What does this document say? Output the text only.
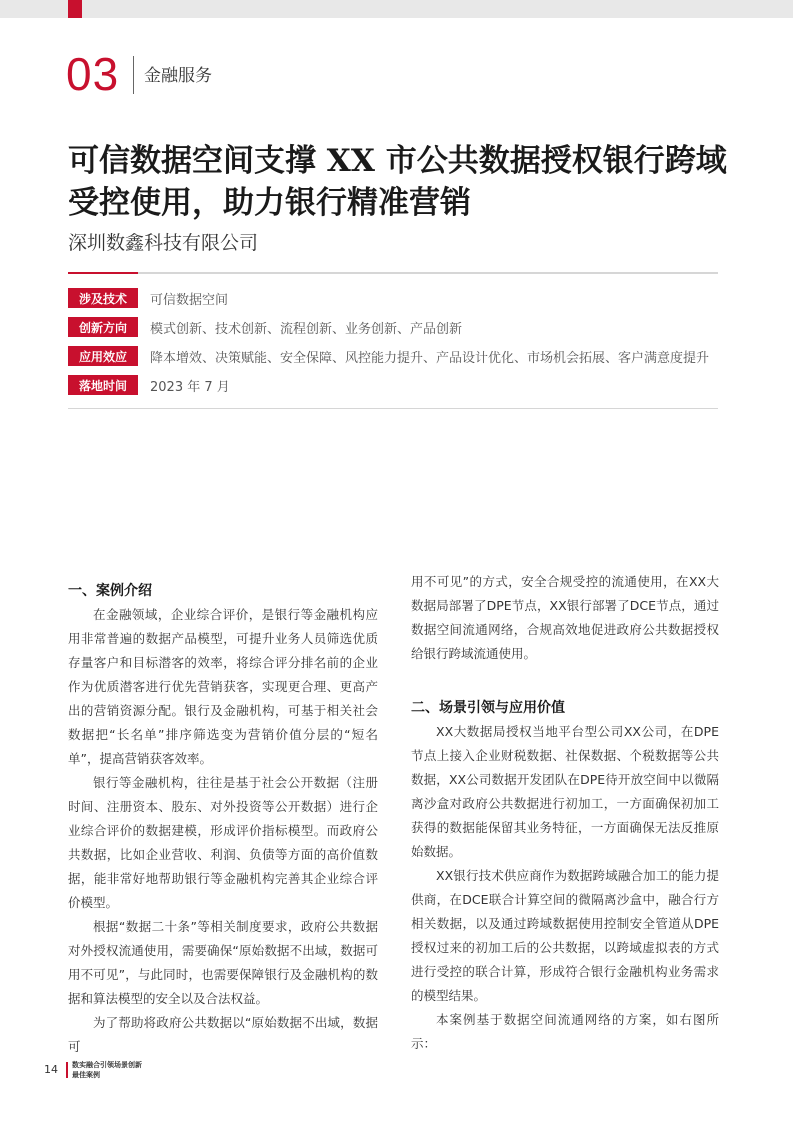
03 金融服务
可信数据空间支撑 XX 市公共数据授权银行跨域受控使用，助力银行精准营销
深圳数鑫科技有限公司
涉及技术	可信数据空间
创新方向	模式创新、技术创新、流程创新、业务创新、产品创新
应用效应	降本增效、决策赋能、安全保障、风控能力提升、产品设计优化、市场机会拓展、客户满意度提升
落地时间	2023 年 7 月
一、案例介绍

在金融领域，企业综合评价，是银行等金融机构应用非常普遍的数据产品模型，可提升业务人员筛选优质存量客户和目标潜客的效率，将综合评分排名前的企业作为优质潜客进行优先营销获客，实现更合理、更高产出的营销资源分配。银行及金融机构，可基于相关社会数据把“长名单”排序筛选变为营销价值分层的“短名单”，提高营销获客效率。

银行等金融机构，往往是基于社会公开数据（注册时间、注册资本、股东、对外投资等公开数据）进行企业综合评价的数据建模，形成评价指标模型。而政府公共数据，比如企业营收、利润、负债等方面的高价值数据，能非常好地帮助银行等金融机构完善其企业综合评价模型。

根据“数据二十条”等相关制度要求，政府公共数据对外授权流通使用，需要确保“原始数据不出域，数据可用不可见”，与此同时，也需要保障银行及金融机构的数据和算法模型的安全以及合法权益。

为了帮助将政府公共数据以“原始数据不出域，数据可

用不可见”的方式，安全合规受控的流通使用，在XX大数据局部署了DPE节点，XX银行部署了DCE节点，通过数据空间流通网络，合规高效地促进政府公共数据授权给银行跨域流通使用。

二、场景引领与应用价值

XX大数据局授权当地平台型公司XX公司，在DPE节点上接入企业财税数据、社保数据、个税数据等公共数据，XX公司数据开发团队在DPE待开放空间中以微隔离沙盒对政府公共数据进行初加工，一方面确保初加工获得的数据能保留其业务特征，一方面确保无法反推原始数据。

XX银行技术供应商作为数据跨域融合加工的能力提供商，在DCE联合计算空间的微隔离沙盒中，融合行方相关数据，以及通过跨域数据使用控制安全管道从DPE授权过来的初加工后的公共数据，以跨域虚拟表的方式进行受控的联合计算，形成符合银行金融机构业务需求的模型结果。

本案例基于数据空间流通网络的方案，如右图所示：

14 数实融合引领场景创新
最佳案例
